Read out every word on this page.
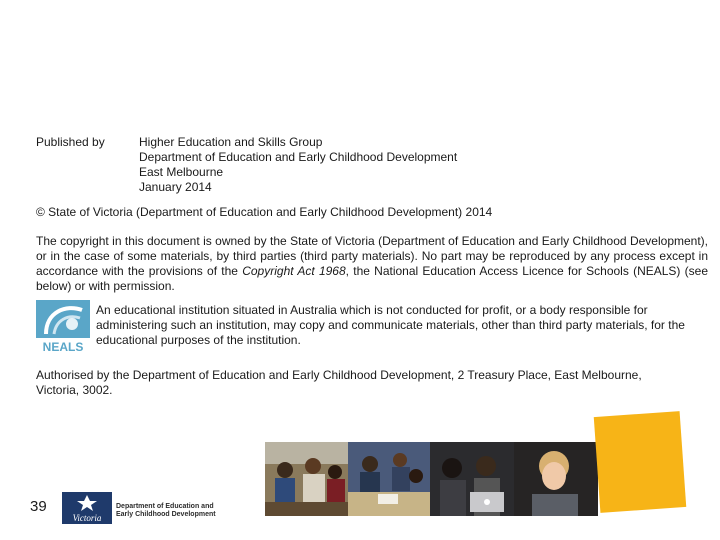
Published by	Higher Education and Skills Group
Department of Education and Early Childhood Development
East Melbourne
January 2014
© State of Victoria (Department of Education and Early Childhood Development) 2014
The copyright in this document is owned by the State of Victoria (Department of Education and Early Childhood Development), or in the case of some materials, by third parties (third party materials). No part may be reproduced by any process except in accordance with the provisions of the Copyright Act 1968, the National Education Access Licence for Schools (NEALS) (see below) or with permission.
NEALS
An educational institution situated in Australia which is not conducted for profit, or a body responsible for administering such an institution, may copy and communicate materials, other than third party materials, for the educational purposes of the institution.
Authorised by the Department of Education and Early Childhood Development, 2 Treasury Place, East Melbourne, Victoria, 3002.
39
Victoria
Department of Education and
Early Childhood Development
